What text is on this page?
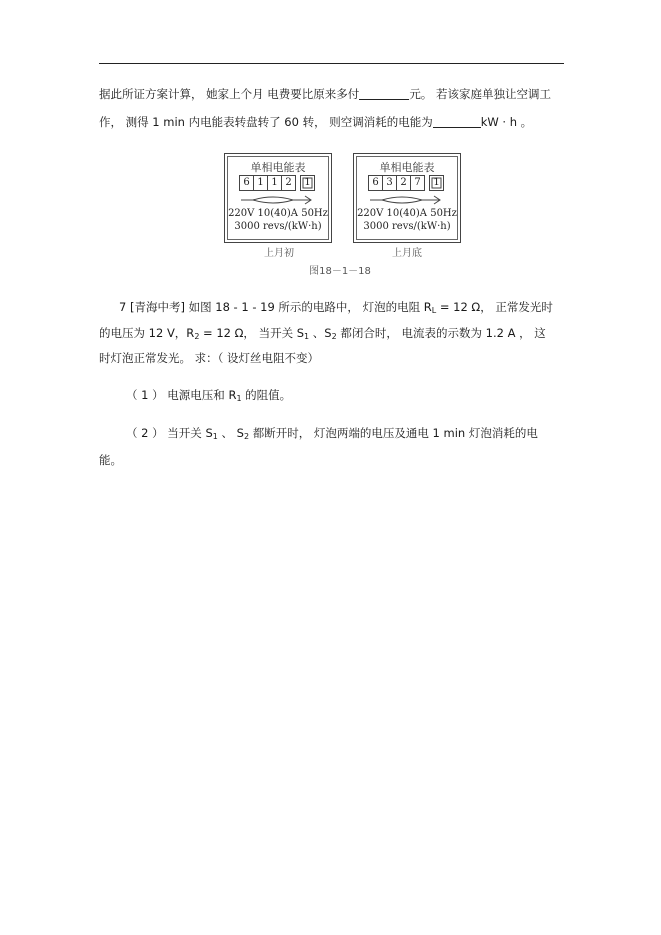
据此所证方案计算， 她家上个月 电费要比原来多付	元。 若该家庭单独让空调工
作， 测得 1 min 内电能表转盘转了 60 转， 则空调消耗的电能为	kW · h 。
单相电能表
6 1 1 2	1
220V 10(40)A 50Hz
3000 revs/(kW·h)
上月初
单相电能表
6 3 2 7	1
220V 10(40)A 50Hz
3000 revs/(kW·h)
上月底
图18－1－18
7 [青海中考] 如图 18 - 1 - 19 所示的电路中， 灯泡的电阻 $R_L = 12$ Ω， 正常发光时
的电压为 12 V，$R_2 = 12$ Ω， 当开关 $S_1$ 、$S_2$ 都闭合时， 电流表的示数为 1.2 A ， 这
时灯泡正常发光。 求：（ 设灯丝电阻不变）
（ 1 ） 电源电压和 $R_1$ 的阻值。
（ 2 ） 当开关 $S_1$ 、 $S_2$ 都断开时， 灯泡两端的电压及通电 1 min 灯泡消耗的电
能。
